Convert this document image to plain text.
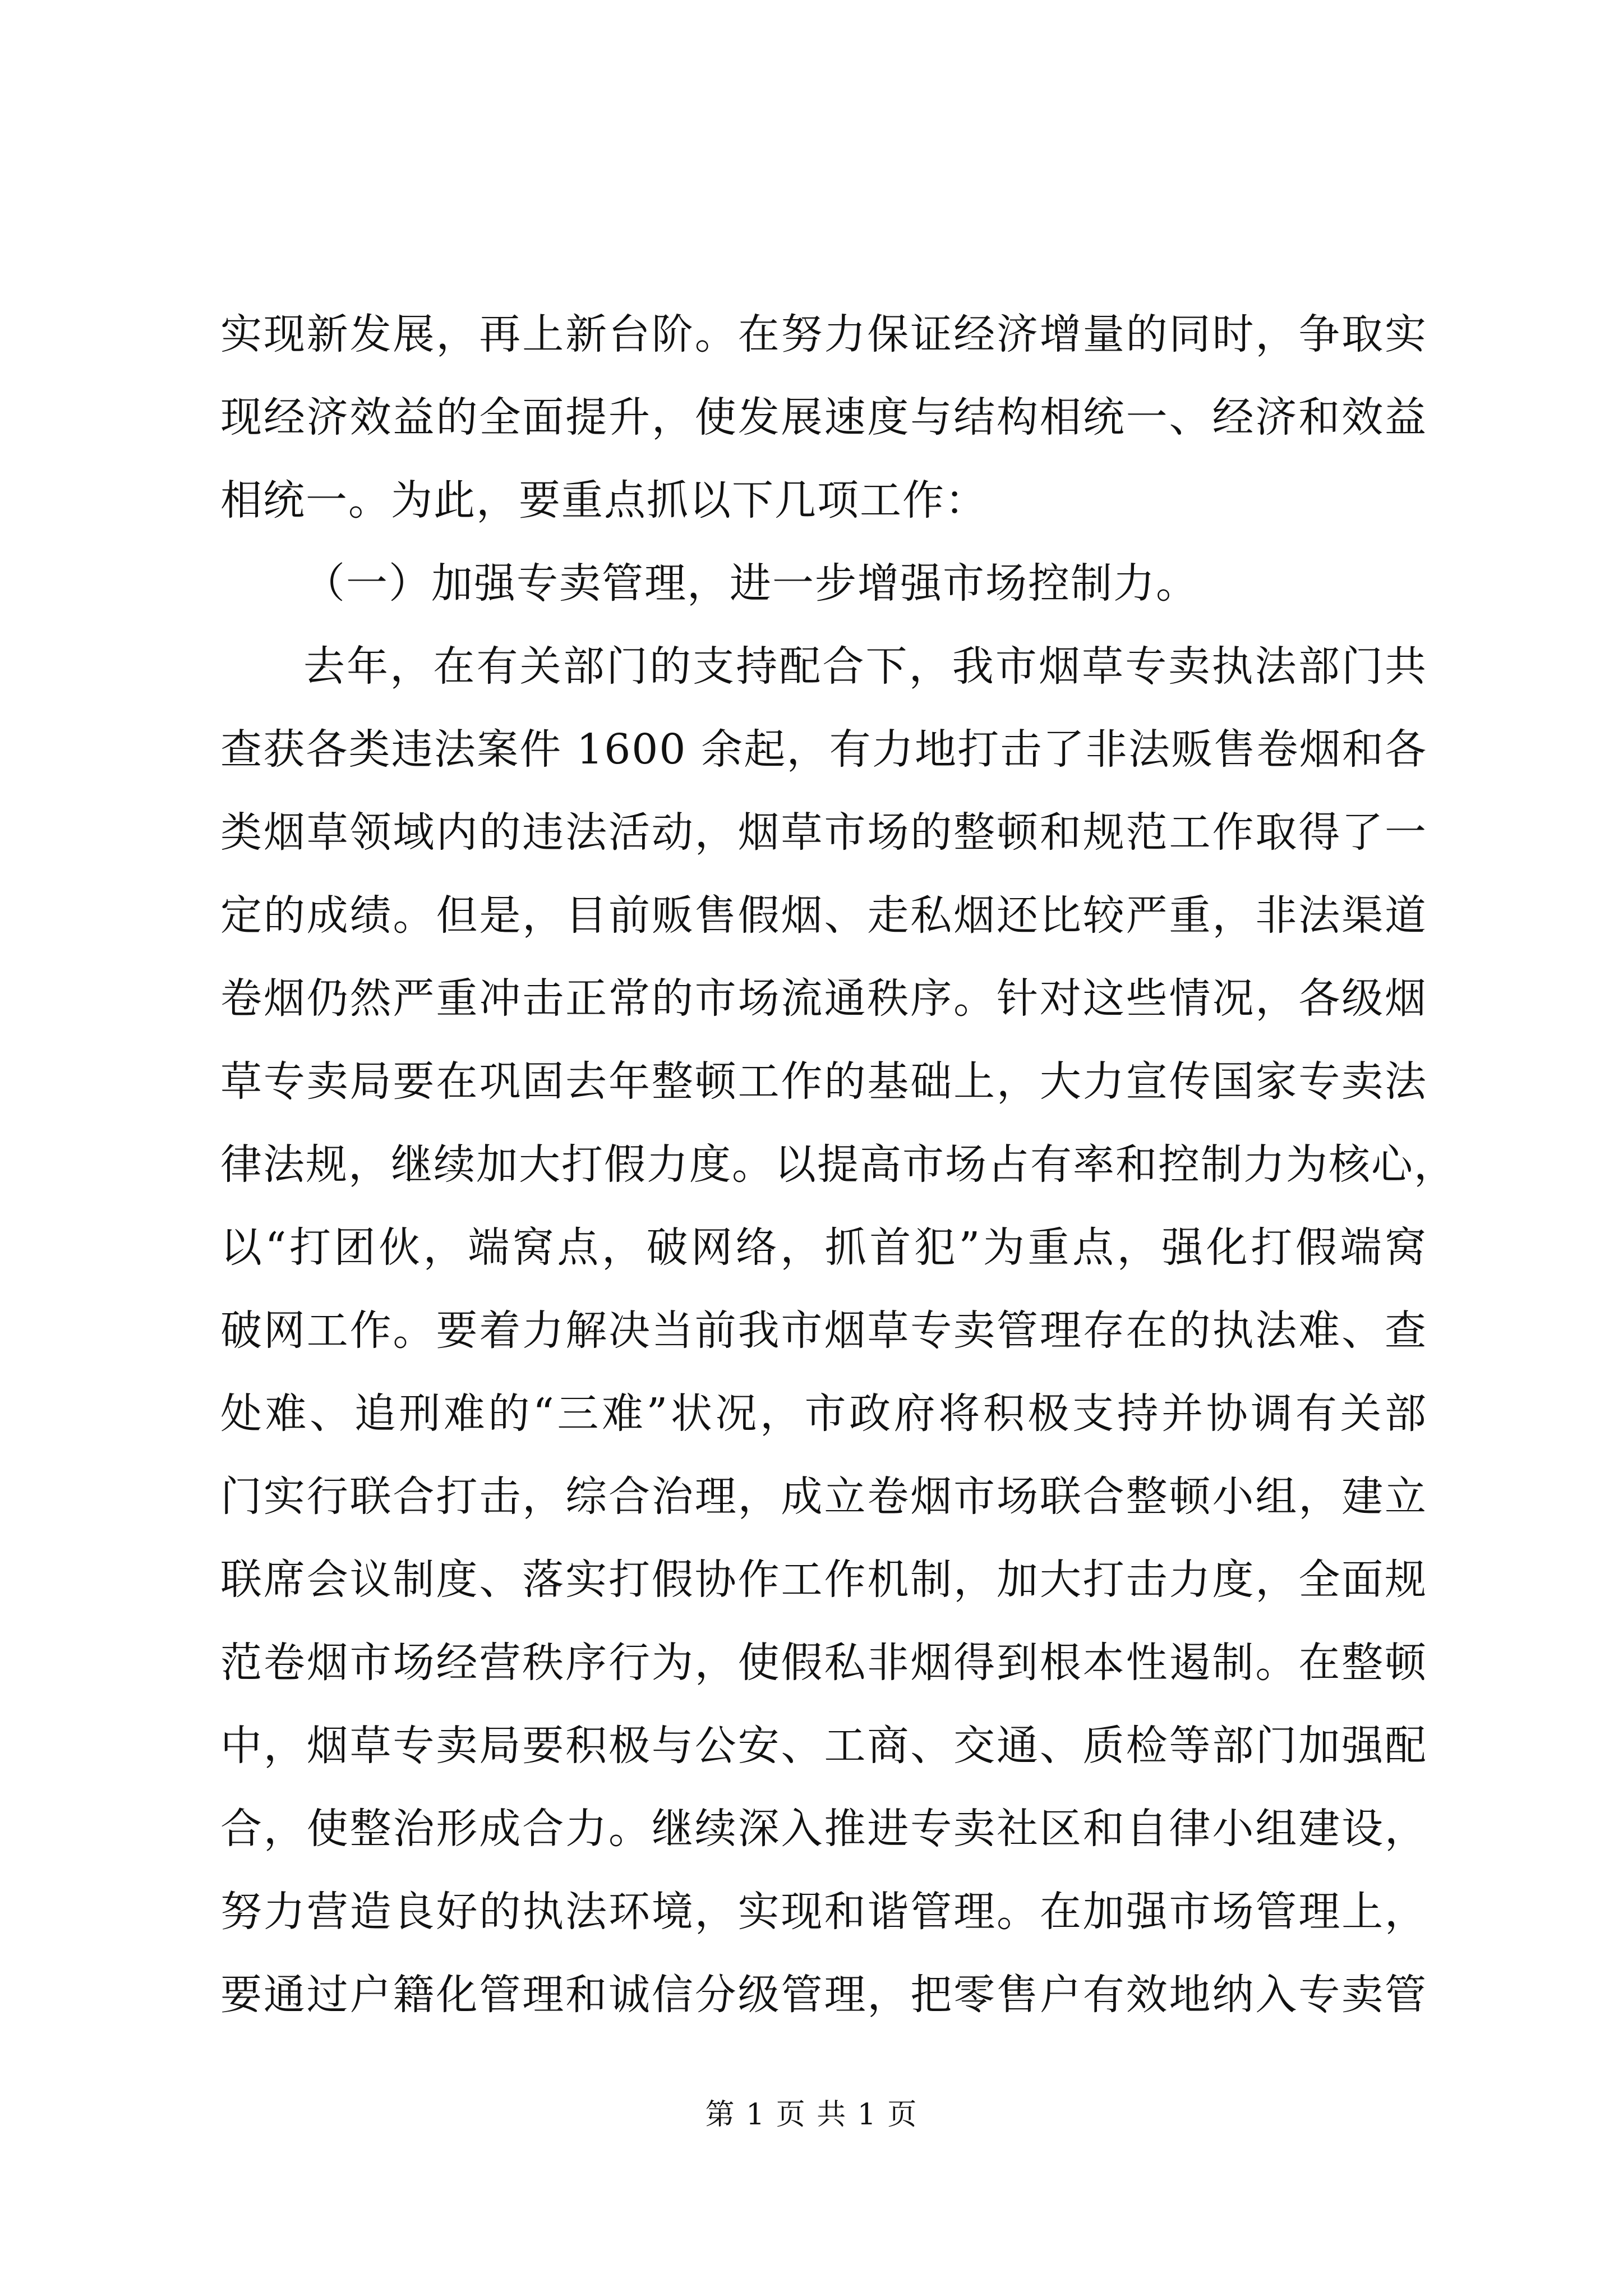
实现新发展，再上新台阶。在努力保证经济增量的同时，争取实
现经济效益的全面提升，使发展速度与结构相统一、经济和效益
相统一。为此，要重点抓以下几项工作：
（一）加强专卖管理，进一步增强市场控制力。
去年，在有关部门的支持配合下，我市烟草专卖执法部门共
查获各类违法案件 1600 余起，有力地打击了非法贩售卷烟和各
类烟草领域内的违法活动，烟草市场的整顿和规范工作取得了一
定的成绩。但是，目前贩售假烟、走私烟还比较严重，非法渠道
卷烟仍然严重冲击正常的市场流通秩序。针对这些情况，各级烟
草专卖局要在巩固去年整顿工作的基础上，大力宣传国家专卖法
律法规，继续加大打假力度。以提高市场占有率和控制力为核心，
以“打团伙，端窝点，破网络，抓首犯”为重点，强化打假端窝
破网工作。要着力解决当前我市烟草专卖管理存在的执法难、查
处难、追刑难的“三难”状况，市政府将积极支持并协调有关部
门实行联合打击，综合治理，成立卷烟市场联合整顿小组，建立
联席会议制度、落实打假协作工作机制，加大打击力度，全面规
范卷烟市场经营秩序行为，使假私非烟得到根本性遏制。在整顿
中，烟草专卖局要积极与公安、工商、交通、质检等部门加强配
合，使整治形成合力。继续深入推进专卖社区和自律小组建设，
努力营造良好的执法环境，实现和谐管理。在加强市场管理上，
要通过户籍化管理和诚信分级管理，把零售户有效地纳入专卖管
第 1 页 共 1 页
